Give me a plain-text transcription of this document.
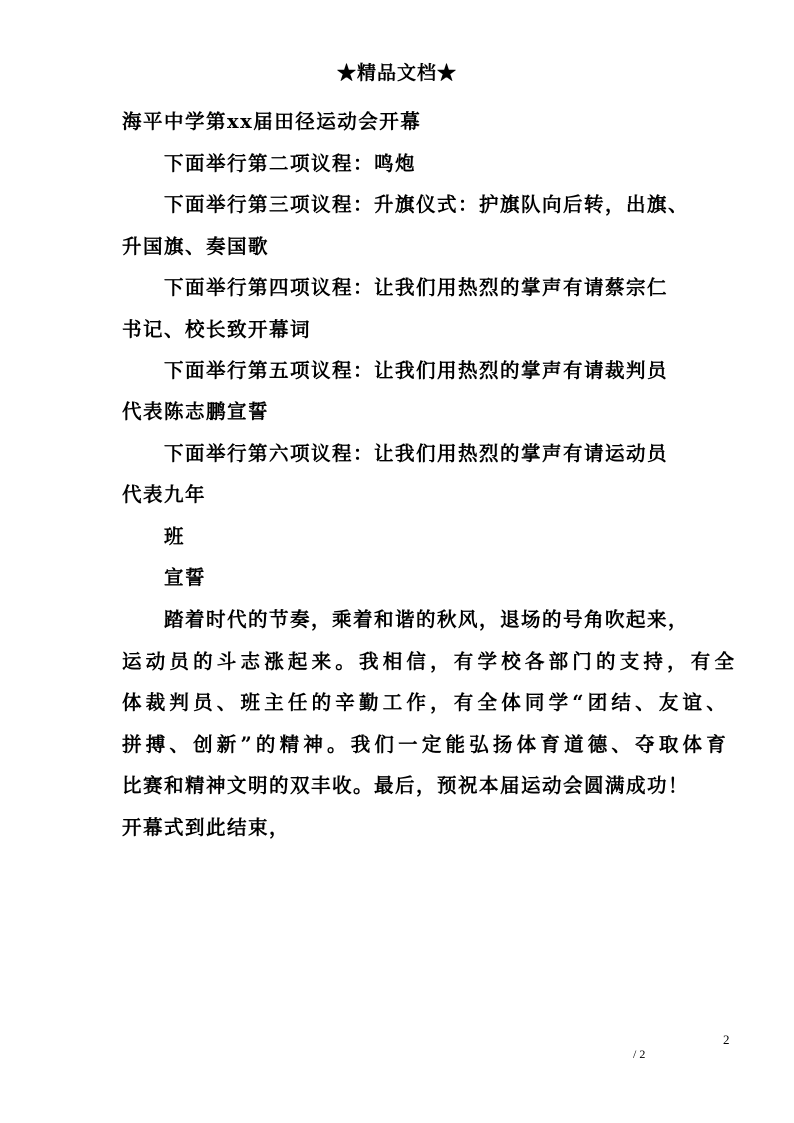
★精品文档★
海平中学第xx届田径运动会开幕
下面举行第二项议程：鸣炮
下面举行第三项议程：升旗仪式：护旗队向后转，出旗、
升国旗、奏国歌
下面举行第四项议程：让我们用热烈的掌声有请蔡宗仁
书记、校长致开幕词
下面举行第五项议程：让我们用热烈的掌声有请裁判员
代表陈志鹏宣誓
下面举行第六项议程：让我们用热烈的掌声有请运动员
代表九年
班
宣誓
踏着时代的节奏，乘着和谐的秋风，退场的号角吹起来，
运动员的斗志涨起来。我相信，有学校各部门的支持，有全
体裁判员、班主任的辛勤工作，有全体同学“团结、友谊、
拼搏、创新”的精神。我们一定能弘扬体育道德、夺取体育
比赛和精神文明的双丰收。最后，预祝本届运动会圆满成功！
开幕式到此结束，
2
/ 2
